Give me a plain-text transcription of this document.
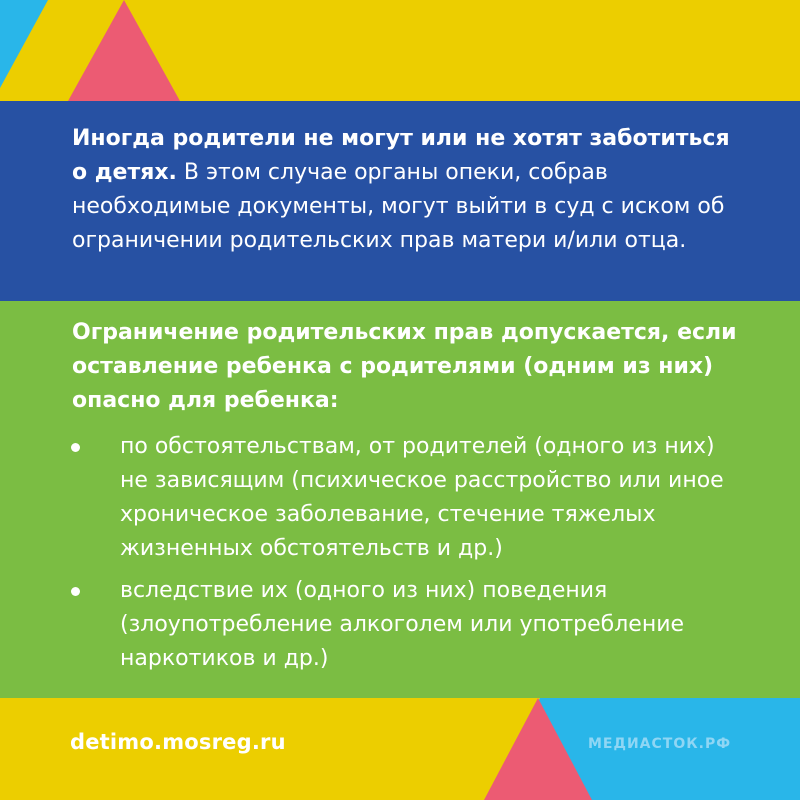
Иногда родители не могут или не хотят заботиться о детях. В этом случае органы опеки, собрав необходимые документы, могут выйти в суд с иском об ограничении родительских прав матери и/или отца.

Ограничение родительских прав допускается, если оставление ребенка с родителями (одним из них) опасно для ребенка:

по обстоятельствам, от родителей (одного из них) не зависящим (психическое расстройство или иное хроническое заболевание, стечение тяжелых жизненных обстоятельств и др.)
вследствие их (одного из них) поведения (злоупотребление алкоголем или употребление наркотиков и др.)
detimo.mosreg.ru	МЕДИАСТОК.РФ
